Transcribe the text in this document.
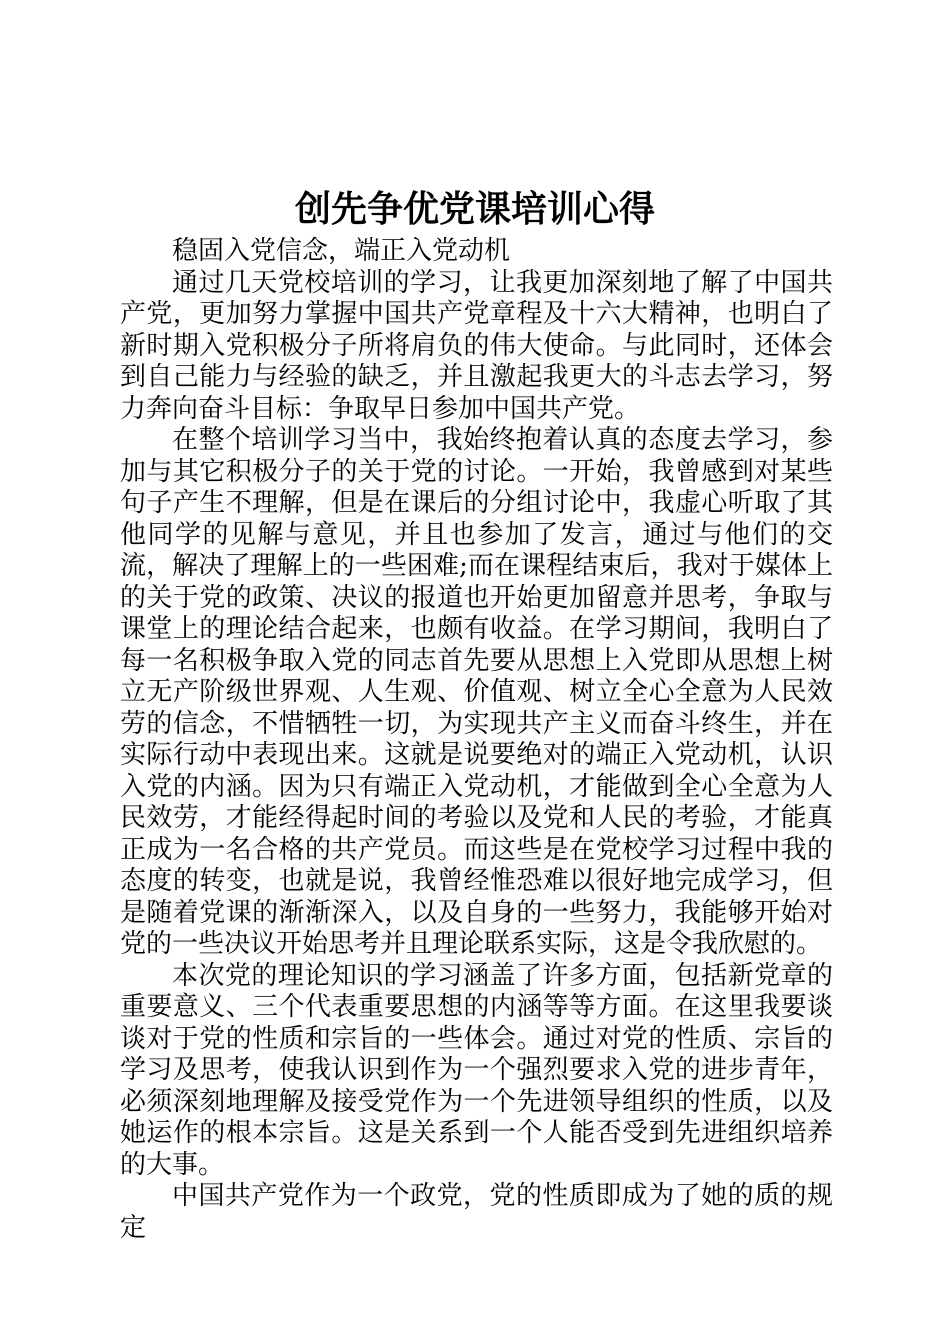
创先争优党课培训心得

稳固入党信念，端正入党动机

通过几天党校培训的学习，让我更加深刻地了解了中国共产党，更加努力掌握中国共产党章程及十六大精神，也明白了新时期入党积极分子所将肩负的伟大使命。与此同时，还体会到自己能力与经验的缺乏，并且激起我更大的斗志去学习，努力奔向奋斗目标：争取早日参加中国共产党。

在整个培训学习当中，我始终抱着认真的态度去学习，参加与其它积极分子的关于党的讨论。一开始，我曾感到对某些句子产生不理解，但是在课后的分组讨论中，我虚心听取了其他同学的见解与意见，并且也参加了发言，通过与他们的交流，解决了理解上的一些困难;而在课程结束后，我对于媒体上的关于党的政策、决议的报道也开始更加留意并思考，争取与课堂上的理论结合起来，也颇有收益。在学习期间，我明白了每一名积极争取入党的同志首先要从思想上入党即从思想上树立无产阶级世界观、人生观、价值观、树立全心全意为人民效劳的信念，不惜牺牲一切，为实现共产主义而奋斗终生，并在实际行动中表现出来。这就是说要绝对的端正入党动机，认识入党的内涵。因为只有端正入党动机，才能做到全心全意为人民效劳，才能经得起时间的考验以及党和人民的考验，才能真正成为一名合格的共产党员。而这些是在党校学习过程中我的态度的转变，也就是说，我曾经惟恐难以很好地完成学习，但是随着党课的渐渐深入，以及自身的一些努力，我能够开始对党的一些决议开始思考并且理论联系实际，这是令我欣慰的。

本次党的理论知识的学习涵盖了许多方面，包括新党章的重要意义、三个代表重要思想的内涵等等方面。在这里我要谈谈对于党的性质和宗旨的一些体会。通过对党的性质、宗旨的学习及思考，使我认识到作为一个强烈要求入党的进步青年，必须深刻地理解及接受党作为一个先进领导组织的性质，以及她运作的根本宗旨。这是关系到一个人能否受到先进组织培养的大事。

中国共产党作为一个政党，党的性质即成为了她的质的规定
